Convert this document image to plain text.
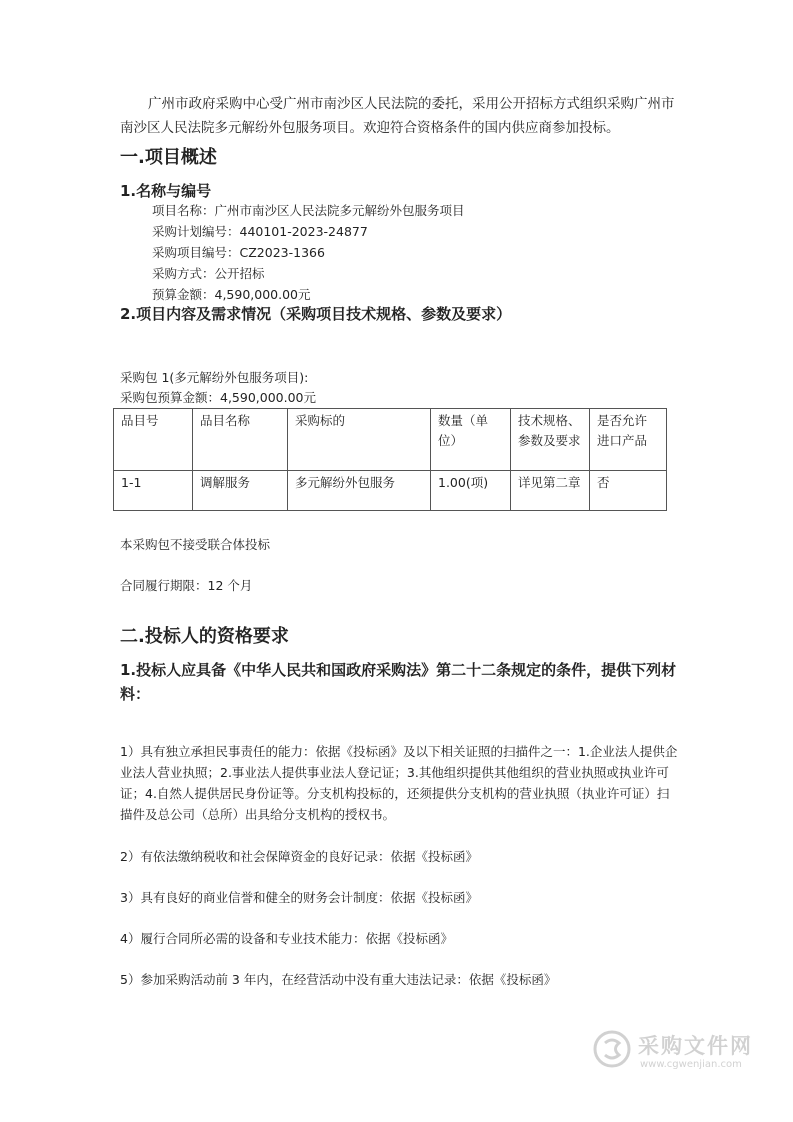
广州市政府采购中心受广州市南沙区人民法院的委托，采用公开招标方式组织采购广州市南沙区人民法院多元解纷外包服务项目。欢迎符合资格条件的国内供应商参加投标。

一.项目概述
1.名称与编号
项目名称：广州市南沙区人民法院多元解纷外包服务项目
采购计划编号：440101-2023-24877
采购项目编号：CZ2023-1366
采购方式：公开招标
预算金额：4,590,000.00元
2.项目内容及需求情况（采购项目技术规格、参数及要求）
采购包 1(多元解纷外包服务项目):
采购包预算金额：4,590,000.00元
品目号	品目名称	采购标的	数量（单位）	技术规格、参数及要求	是否允许进口产品
1-1	调解服务	多元解纷外包服务	1.00(项)	详见第二章	否
本采购包不接受联合体投标
合同履行期限：12 个月
二.投标人的资格要求

1.投标人应具备《中华人民共和国政府采购法》第二十二条规定的条件，提供下列材料：

1）具有独立承担民事责任的能力：依据《投标函》及以下相关证照的扫描件之一：1.企业法人提供企业法人营业执照；2.事业法人提供事业法人登记证；3.其他组织提供其他组织的营业执照或执业许可证；4.自然人提供居民身份证等。分支机构投标的，还须提供分支机构的营业执照（执业许可证）扫描件及总公司（总所）出具给分支机构的授权书。

2）有依法缴纳税收和社会保障资金的良好记录：依据《投标函》

3）具有良好的商业信誉和健全的财务会计制度：依据《投标函》

4）履行合同所必需的设备和专业技术能力：依据《投标函》

5）参加采购活动前 3 年内，在经营活动中没有重大违法记录：依据《投标函》

采购文件网
www.cgwenjian.com
